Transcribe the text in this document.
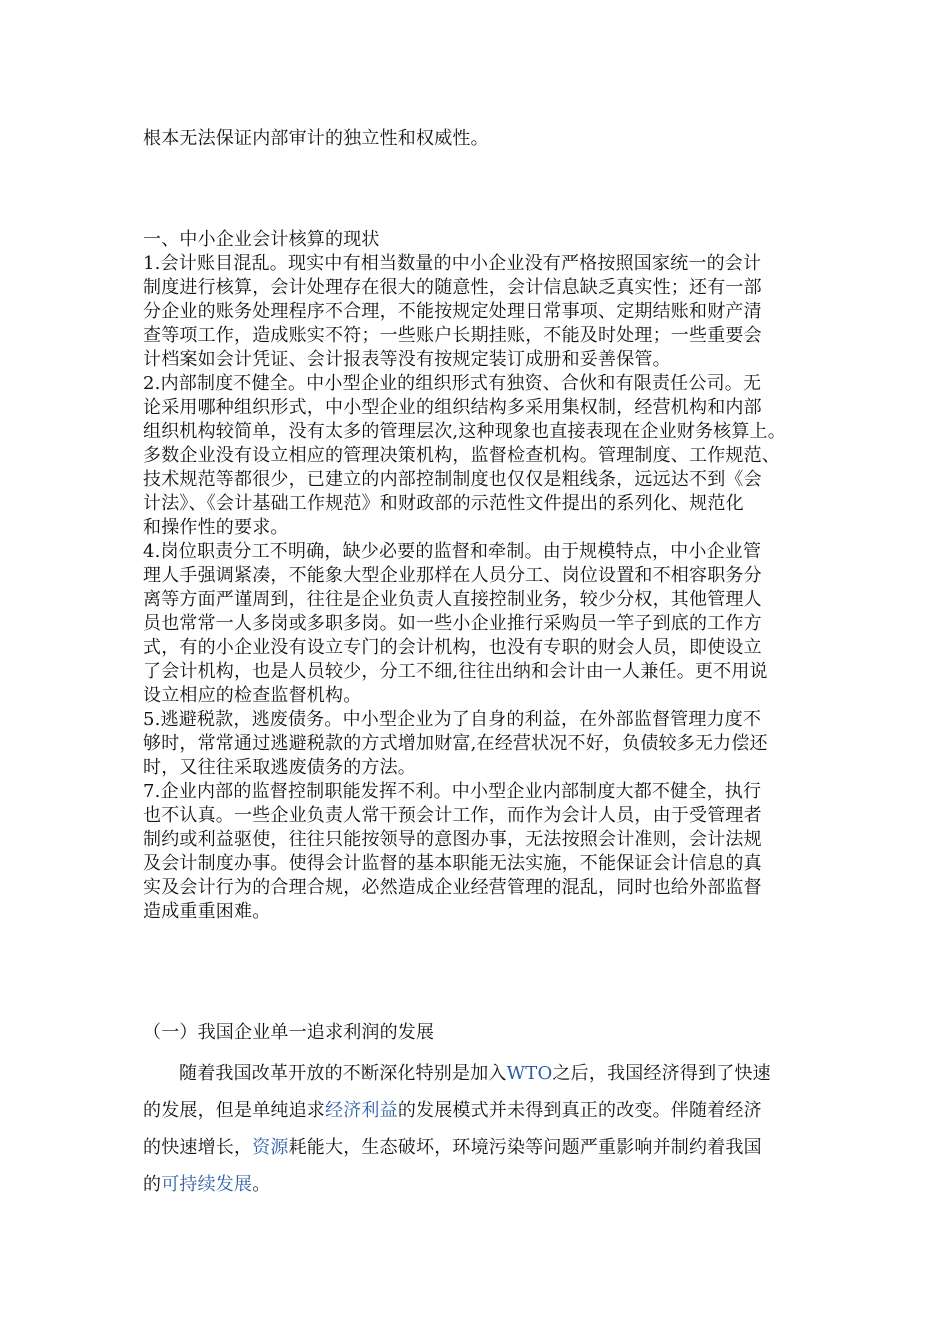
根本无法保证内部审计的独立性和权威性。
一、中小企业会计核算的现状
1.会计账目混乱。现实中有相当数量的中小企业没有严格按照国家统一的会计
制度进行核算，会计处理存在很大的随意性，会计信息缺乏真实性；还有一部
分企业的账务处理程序不合理，不能按规定处理日常事项、定期结账和财产清
查等项工作，造成账实不符；一些账户长期挂账，不能及时处理；一些重要会
计档案如会计凭证、会计报表等没有按规定装订成册和妥善保管。
2.内部制度不健全。中小型企业的组织形式有独资、合伙和有限责任公司。无
论采用哪种组织形式，中小型企业的组织结构多采用集权制，经营机构和内部
组织机构较简单，没有太多的管理层次,这种现象也直接表现在企业财务核算上。
多数企业没有设立相应的管理决策机构，监督检查机构。管理制度、工作规范、
技术规范等都很少，已建立的内部控制制度也仅仅是粗线条，远远达不到《会
计法》、《会计基础工作规范》和财政部的示范性文件提出的系列化、规范化
和操作性的要求。
4.岗位职责分工不明确，缺少必要的监督和牵制。由于规模特点，中小企业管
理人手强调紧凑，不能象大型企业那样在人员分工、岗位设置和不相容职务分
离等方面严谨周到，往往是企业负责人直接控制业务，较少分权，其他管理人
员也常常一人多岗或多职多岗。如一些小企业推行采购员一竿子到底的工作方
式，有的小企业没有设立专门的会计机构，也没有专职的财会人员，即使设立
了会计机构，也是人员较少，分工不细,往往出纳和会计由一人兼任。更不用说
设立相应的检查监督机构。
5.逃避税款，逃废债务。中小型企业为了自身的利益，在外部监督管理力度不
够时，常常通过逃避税款的方式增加财富,在经营状况不好，负债较多无力偿还
时，又往往采取逃废债务的方法。
7.企业内部的监督控制职能发挥不利。中小型企业内部制度大都不健全，执行
也不认真。一些企业负责人常干预会计工作，而作为会计人员，由于受管理者
制约或利益驱使，往往只能按领导的意图办事，无法按照会计准则，会计法规
及会计制度办事。使得会计监督的基本职能无法实施，不能保证会计信息的真
实及会计行为的合理合规，必然造成企业经营管理的混乱，同时也给外部监督
造成重重困难。
（一）我国企业单一追求利润的发展
随着我国改革开放的不断深化特别是加入WTO之后，我国经济得到了快速
的发展，但是单纯追求经济利益的发展模式并未得到真正的改变。伴随着经济
的快速增长，资源耗能大，生态破坏，环境污染等问题严重影响并制约着我国
的可持续发展。
